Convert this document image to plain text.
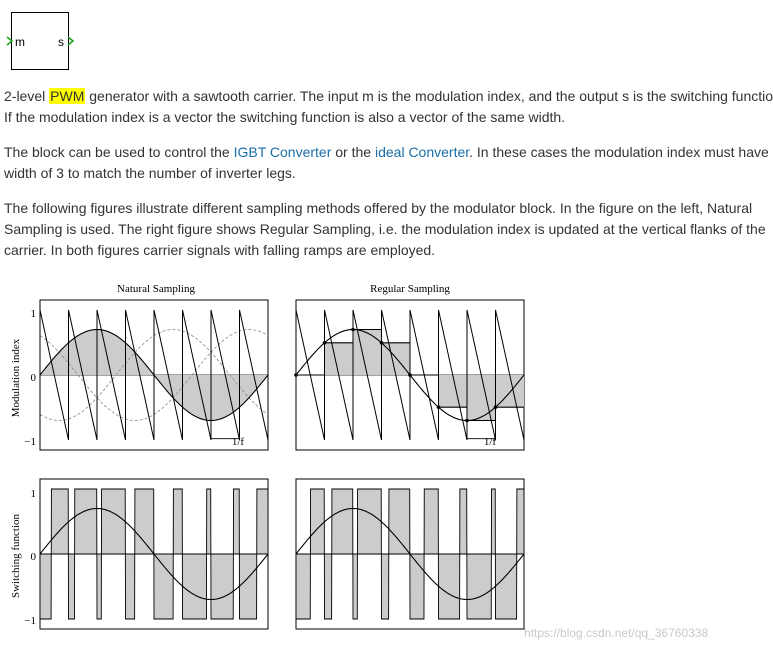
m	s
2-level PWM generator with a sawtooth carrier. The input m is the modulation index, and the output s is the switching functio
If the modulation index is a vector the switching function is also a vector of the same width.
The block can be used to control the IGBT Converter or the ideal Converter. In these cases the modulation index must have
width of 3 to match the number of inverter legs.
The following figures illustrate different sampling methods offered by the modulator block. In the figure on the left, Natural
Sampling is used. The right figure shows Regular Sampling, i.e. the modulation index is updated at the vertical flanks of the
carrier. In both figures carrier signals with falling ramps are employed.
Natural Sampling	Regular Sampling
Modulation index
Switching function
1
0
−1
1
0
−1
1/f	1/f
https://blog.csdn.net/qq_36760338
